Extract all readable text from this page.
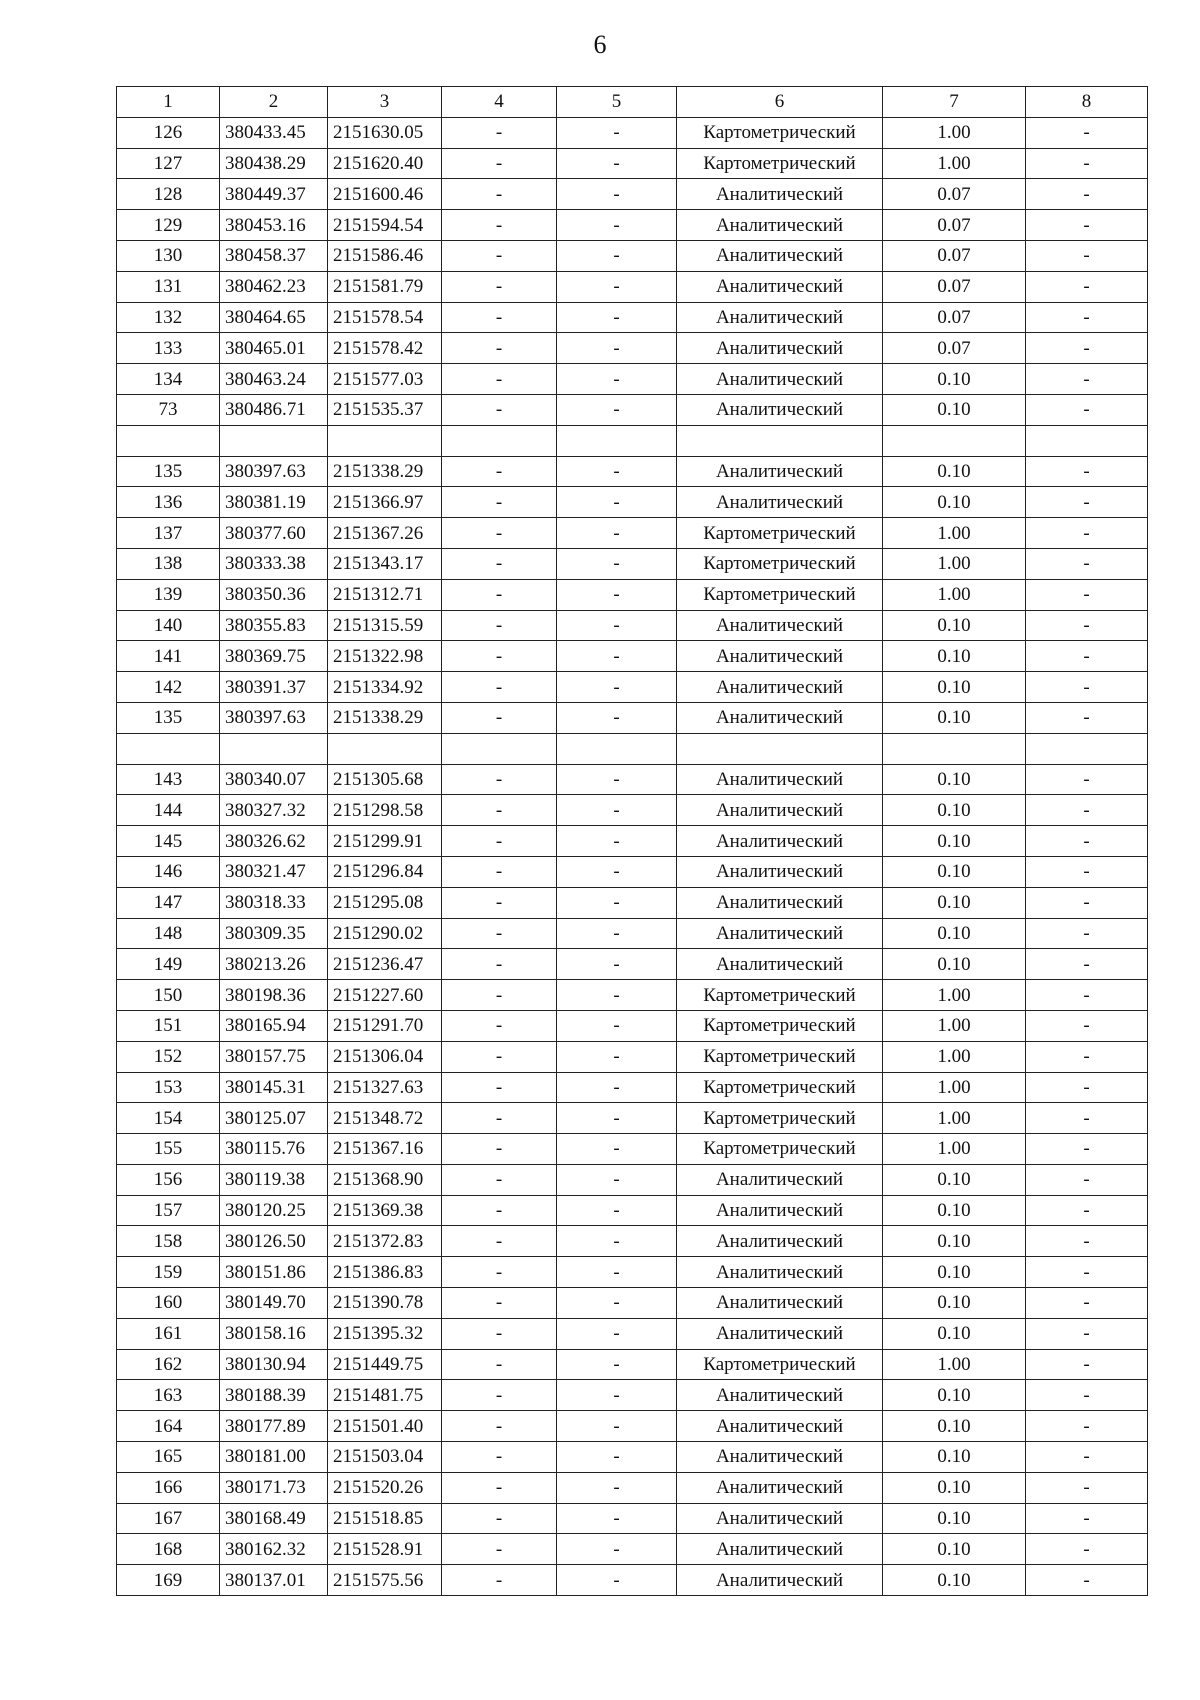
6
1	2	3	4	5	6	7	8
126	380433.45	2151630.05	-	-	Картометрический	1.00	-
127	380438.29	2151620.40	-	-	Картометрический	1.00	-
128	380449.37	2151600.46	-	-	Аналитический	0.07	-
129	380453.16	2151594.54	-	-	Аналитический	0.07	-
130	380458.37	2151586.46	-	-	Аналитический	0.07	-
131	380462.23	2151581.79	-	-	Аналитический	0.07	-
132	380464.65	2151578.54	-	-	Аналитический	0.07	-
133	380465.01	2151578.42	-	-	Аналитический	0.07	-
134	380463.24	2151577.03	-	-	Аналитический	0.10	-
73	380486.71	2151535.37	-	-	Аналитический	0.10	-

135	380397.63	2151338.29	-	-	Аналитический	0.10	-
136	380381.19	2151366.97	-	-	Аналитический	0.10	-
137	380377.60	2151367.26	-	-	Картометрический	1.00	-
138	380333.38	2151343.17	-	-	Картометрический	1.00	-
139	380350.36	2151312.71	-	-	Картометрический	1.00	-
140	380355.83	2151315.59	-	-	Аналитический	0.10	-
141	380369.75	2151322.98	-	-	Аналитический	0.10	-
142	380391.37	2151334.92	-	-	Аналитический	0.10	-
135	380397.63	2151338.29	-	-	Аналитический	0.10	-

143	380340.07	2151305.68	-	-	Аналитический	0.10	-
144	380327.32	2151298.58	-	-	Аналитический	0.10	-
145	380326.62	2151299.91	-	-	Аналитический	0.10	-
146	380321.47	2151296.84	-	-	Аналитический	0.10	-
147	380318.33	2151295.08	-	-	Аналитический	0.10	-
148	380309.35	2151290.02	-	-	Аналитический	0.10	-
149	380213.26	2151236.47	-	-	Аналитический	0.10	-
150	380198.36	2151227.60	-	-	Картометрический	1.00	-
151	380165.94	2151291.70	-	-	Картометрический	1.00	-
152	380157.75	2151306.04	-	-	Картометрический	1.00	-
153	380145.31	2151327.63	-	-	Картометрический	1.00	-
154	380125.07	2151348.72	-	-	Картометрический	1.00	-
155	380115.76	2151367.16	-	-	Картометрический	1.00	-
156	380119.38	2151368.90	-	-	Аналитический	0.10	-
157	380120.25	2151369.38	-	-	Аналитический	0.10	-
158	380126.50	2151372.83	-	-	Аналитический	0.10	-
159	380151.86	2151386.83	-	-	Аналитический	0.10	-
160	380149.70	2151390.78	-	-	Аналитический	0.10	-
161	380158.16	2151395.32	-	-	Аналитический	0.10	-
162	380130.94	2151449.75	-	-	Картометрический	1.00	-
163	380188.39	2151481.75	-	-	Аналитический	0.10	-
164	380177.89	2151501.40	-	-	Аналитический	0.10	-
165	380181.00	2151503.04	-	-	Аналитический	0.10	-
166	380171.73	2151520.26	-	-	Аналитический	0.10	-
167	380168.49	2151518.85	-	-	Аналитический	0.10	-
168	380162.32	2151528.91	-	-	Аналитический	0.10	-
169	380137.01	2151575.56	-	-	Аналитический	0.10	-
